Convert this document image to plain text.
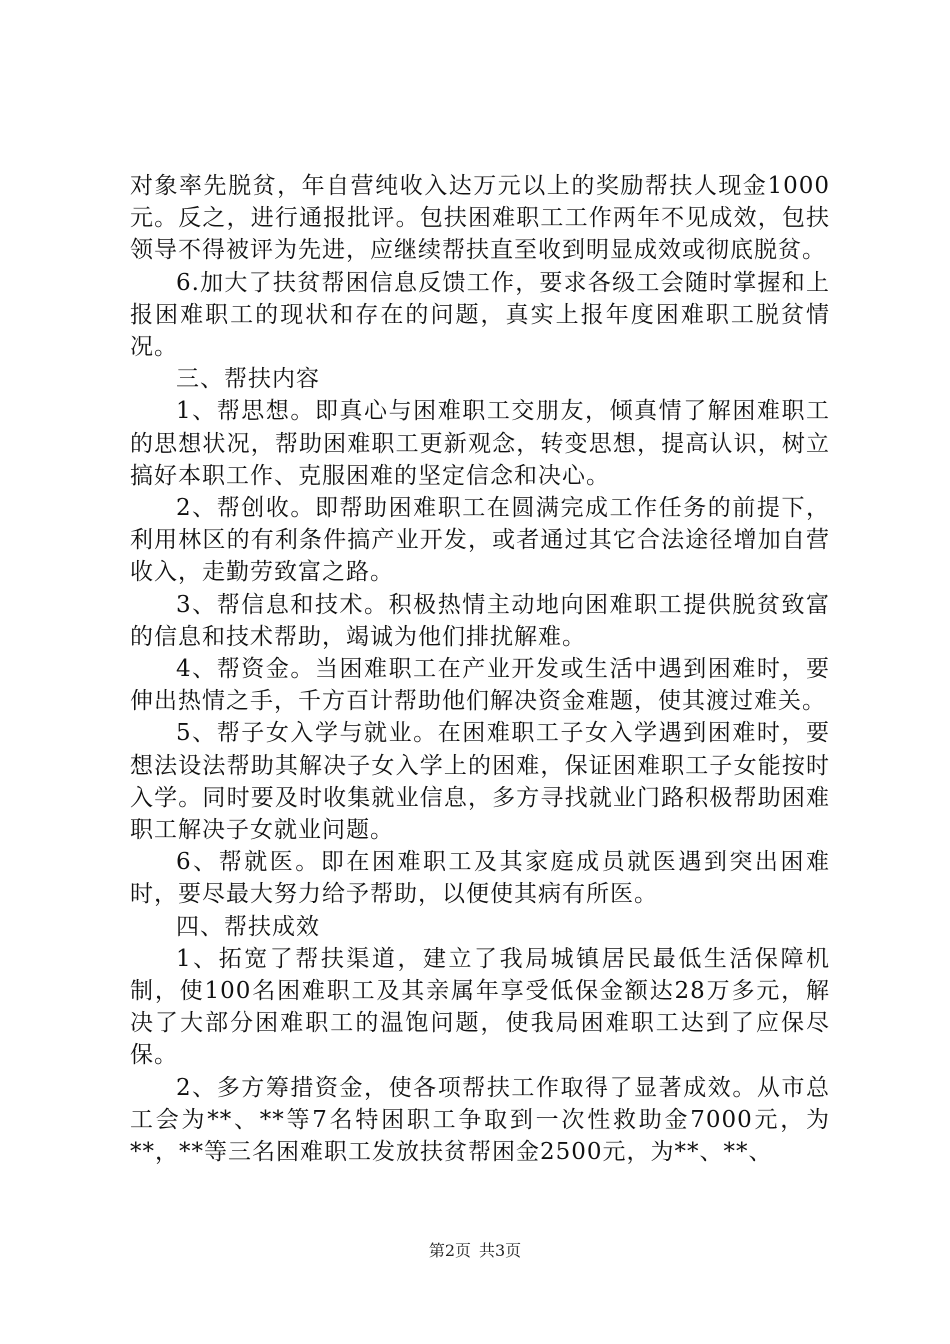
对象率先脱贫，年自营纯收入达万元以上的奖励帮扶人现金1000元。反之，进行通报批评。包扶困难职工工作两年不见成效，包扶领导不得被评为先进，应继续帮扶直至收到明显成效或彻底脱贫。

6.加大了扶贫帮困信息反馈工作，要求各级工会随时掌握和上报困难职工的现状和存在的问题，真实上报年度困难职工脱贫情况。

三、帮扶内容

1、帮思想。即真心与困难职工交朋友，倾真情了解困难职工的思想状况，帮助困难职工更新观念，转变思想，提高认识，树立搞好本职工作、克服困难的坚定信念和决心。

2、帮创收。即帮助困难职工在圆满完成工作任务的前提下，利用林区的有利条件搞产业开发，或者通过其它合法途径增加自营收入，走勤劳致富之路。

3、帮信息和技术。积极热情主动地向困难职工提供脱贫致富的信息和技术帮助，竭诚为他们排扰解难。

4、帮资金。当困难职工在产业开发或生活中遇到困难时，要伸出热情之手，千方百计帮助他们解决资金难题，使其渡过难关。

5、帮子女入学与就业。在困难职工子女入学遇到困难时，要想法设法帮助其解决子女入学上的困难，保证困难职工子女能按时入学。同时要及时收集就业信息，多方寻找就业门路积极帮助困难职工解决子女就业问题。

6、帮就医。即在困难职工及其家庭成员就医遇到突出困难时，要尽最大努力给予帮助，以便使其病有所医。

四、帮扶成效

1、拓宽了帮扶渠道，建立了我局城镇居民最低生活保障机制，使100名困难职工及其亲属年享受低保金额达28万多元，解决了大部分困难职工的温饱问题，使我局困难职工达到了应保尽保。

2、多方筹措资金，使各项帮扶工作取得了显著成效。从市总工会为**、**等7名特困职工争取到一次性救助金7000元，为**，**等三名困难职工发放扶贫帮困金2500元，为**、**、

第2页 共3页
